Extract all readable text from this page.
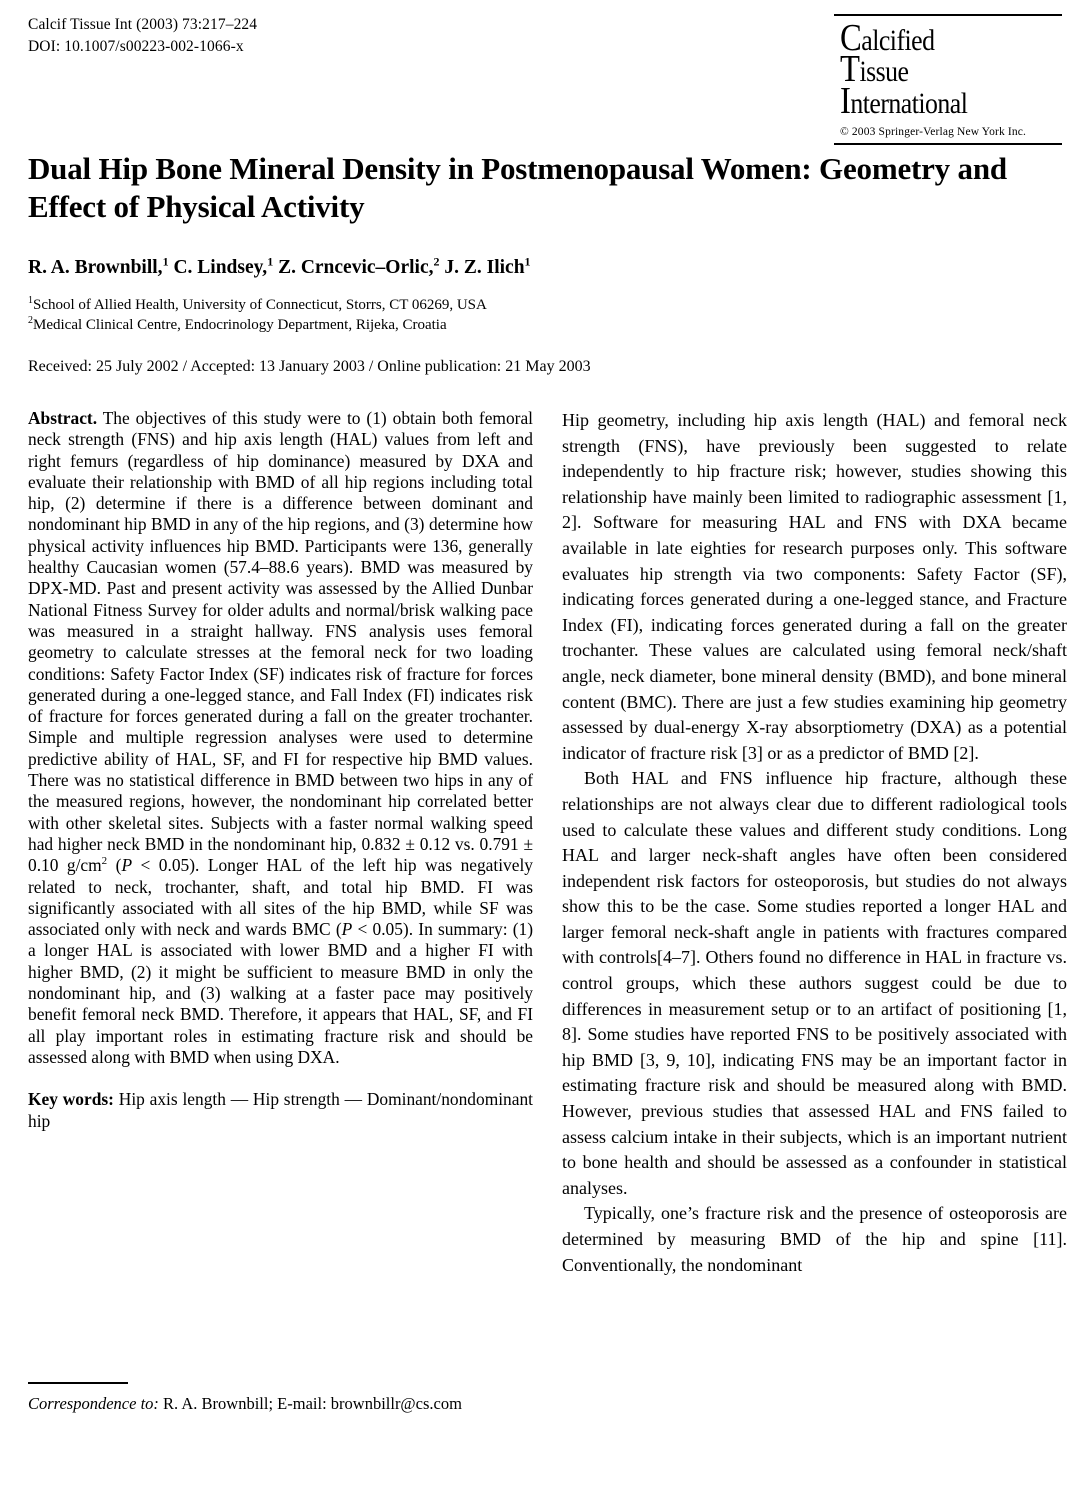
Calcif Tissue Int (2003) 73:217–224
DOI: 10.1007/s00223-002-1066-x	Calcified
Tissue
International
© 2003 Springer-Verlag New York Inc.
Dual Hip Bone Mineral Density in Postmenopausal Women: Geometry and Effect of Physical Activity
R. A. Brownbill,$^1$ C. Lindsey,$^1$ Z. Crncevic–Orlic,$^2$ J. Z. Ilich$^1$
$^1$School of Allied Health, University of Connecticut, Storrs, CT 06269, USA
$^2$Medical Clinical Centre, Endocrinology Department, Rijeka, Croatia
Received: 25 July 2002 / Accepted: 13 January 2003 / Online publication: 21 May 2003

Abstract. The objectives of this study were to (1) obtain both femoral neck strength (FNS) and hip axis length (HAL) values from left and right femurs (regardless of hip dominance) measured by DXA and evaluate their relationship with BMD of all hip regions including total hip, (2) determine if there is a difference between dominant and nondominant hip BMD in any of the hip regions, and (3) determine how physical activity influences hip BMD. Participants were 136, generally healthy Caucasian women (57.4–88.6 years). BMD was measured by DPX-MD. Past and present activity was assessed by the Allied Dunbar National Fitness Survey for older adults and normal/brisk walking pace was measured in a straight hallway. FNS analysis uses femoral geometry to calculate stresses at the femoral neck for two loading conditions: Safety Factor Index (SF) indicates risk of fracture for forces generated during a one-legged stance, and Fall Index (FI) indicates risk of fracture for forces generated during a fall on the greater trochanter. Simple and multiple regression analyses were used to determine predictive ability of HAL, SF, and FI for respective hip BMD values. There was no statistical difference in BMD between two hips in any of the measured regions, however, the nondominant hip correlated better with other skeletal sites. Subjects with a faster normal walking speed had higher neck BMD in the nondominant hip, 0.832 ± 0.12 vs. 0.791 ± 0.10 $g/cm^2$ (P < 0.05). Longer HAL of the left hip was negatively related to neck, trochanter, shaft, and total hip BMD. FI was significantly associated with all sites of the hip BMD, while SF was associated only with neck and wards BMC (P < 0.05). In summary: (1) a longer HAL is associated with lower BMD and a higher FI with higher BMD, (2) it might be sufficient to measure BMD in only the nondominant hip, and (3) walking at a faster pace may positively benefit femoral neck BMD. Therefore, it appears that HAL, SF, and FI all play important roles in estimating fracture risk and should be assessed along with BMD when using DXA.

Key words: Hip axis length — Hip strength — Dominant/nondominant hip

Hip geometry, including hip axis length (HAL) and femoral neck strength (FNS), have previously been suggested to relate independently to hip fracture risk; however, studies showing this relationship have mainly been limited to radiographic assessment [1, 2]. Software for measuring HAL and FNS with DXA became available in late eighties for research purposes only. This software evaluates hip strength via two components: Safety Factor (SF), indicating forces generated during a one-legged stance, and Fracture Index (FI), indicating forces generated during a fall on the greater trochanter. These values are calculated using femoral neck/shaft angle, neck diameter, bone mineral density (BMD), and bone mineral content (BMC). There are just a few studies examining hip geometry assessed by dual-energy X-ray absorptiometry (DXA) as a potential indicator of fracture risk [3] or as a predictor of BMD [2].

Both HAL and FNS influence hip fracture, although these relationships are not always clear due to different radiological tools used to calculate these values and different study conditions. Long HAL and larger neck-shaft angles have often been considered independent risk factors for osteoporosis, but studies do not always show this to be the case. Some studies reported a longer HAL and larger femoral neck-shaft angle in patients with fractures compared with controls[4–7]. Others found no difference in HAL in fracture vs. control groups, which these authors suggest could be due to differences in measurement setup or to an artifact of positioning [1, 8]. Some studies have reported FNS to be positively associated with hip BMD [3, 9, 10], indicating FNS may be an important factor in estimating fracture risk and should be measured along with BMD. However, previous studies that assessed HAL and FNS failed to assess calcium intake in their subjects, which is an important nutrient to bone health and should be assessed as a confounder in statistical analyses.

Typically, one’s fracture risk and the presence of osteoporosis are determined by measuring BMD of the hip and spine [11]. Conventionally, the nondominant

Correspondence to: R. A. Brownbill; E-mail: brownbillr@cs.com
